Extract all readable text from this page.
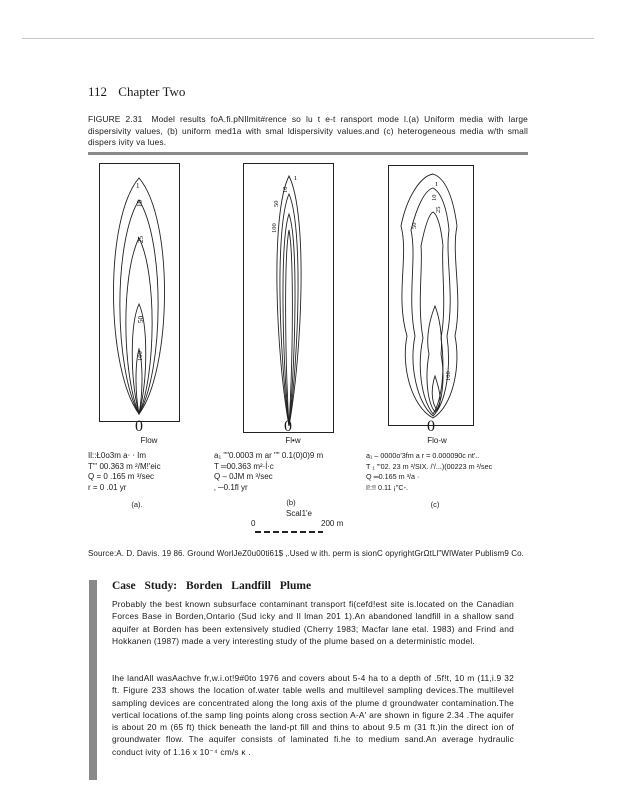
112 Chapter Two
FIGURE 2.31 Model results foA.fi.pNIlmit#rence so lu t e-t ransport mode l.(a) Uniform media with large dispersivity values, (b) uniform med1a with smal ldispersivity values.and (c) heterogeneous media w/th small dispers ivity va lues.
1
10
25
50
100
1
10
50
100
1
10
25
50
100
0	0	0
Flow	Fl•w	Flo-w
Il::Ł0o3m a‧ ‧ Im
T"' 00.363 m ²/M!'eic
Q = 0 .165 m ³/sec
r = 0 .01 yr
a₁ ""0.0003 m ar "" 0.1(0)0)9 m
T ═00.363 m²·ĺ·c
Q – 0JM m ³/sec
‚ ─0.1fl yr
a₁ – 0000o'3fm a r = 0.000090c nt'..
T ₁ "'02. 23 m ²/SIX. /'/...)(00223 m ²/sec
Q ═0.165 m ³/a ·
I!:!! 0.11 ¡"C-.
(a).	(b)	(c)
Scal1'e
0	200 m
Source:A. D. Davis. 19 86. Ground WorlJeZ0u00ti61$ ‚.Used w ith. perm is sionC opyrightGrΩtLl"WIWater Publism9 Co.
Case Study: Borden Landfill Plume
Probably the best known subsurface contaminant transport fi(cefd!est site is.located on the Canadian Forces Base in Borden,Ontario (Sud icky and Il lman 201 1).An abandoned landfill in a shallow sand aquifer at Borden has been extensively studied (Cherry 1983; Macfar lane etal. 1983) and Frind and Hokkanen (1987) made a very interesting study of the plume based on a deterministic model.
Ihe landAll wasAachve fr,w.i.ot!9#0to 1976 and covers about 5-4 ha to a depth of .5f!t, 10 m (11,i.9 32 ft. Figure 233 shows the location of.water table wells and multilevel sampling devices.The multilevel sampling devices are concentrated along the long axis of the plume d groundwater contamination.The vertical locations of.the samp ling points along cross section A-A' are shown in figure 2.34 .The aquifer is about 20 m (65 ft) thick beneath the land-pt fill and thins to about 9.5 m (31 ft.)in the direct ion of groundwater flow. The aquifer consists of laminated fi.he to medium sand.An average hydraulic conduct ivity of 1.16 x 10⁻⁴ cm/s κ .
